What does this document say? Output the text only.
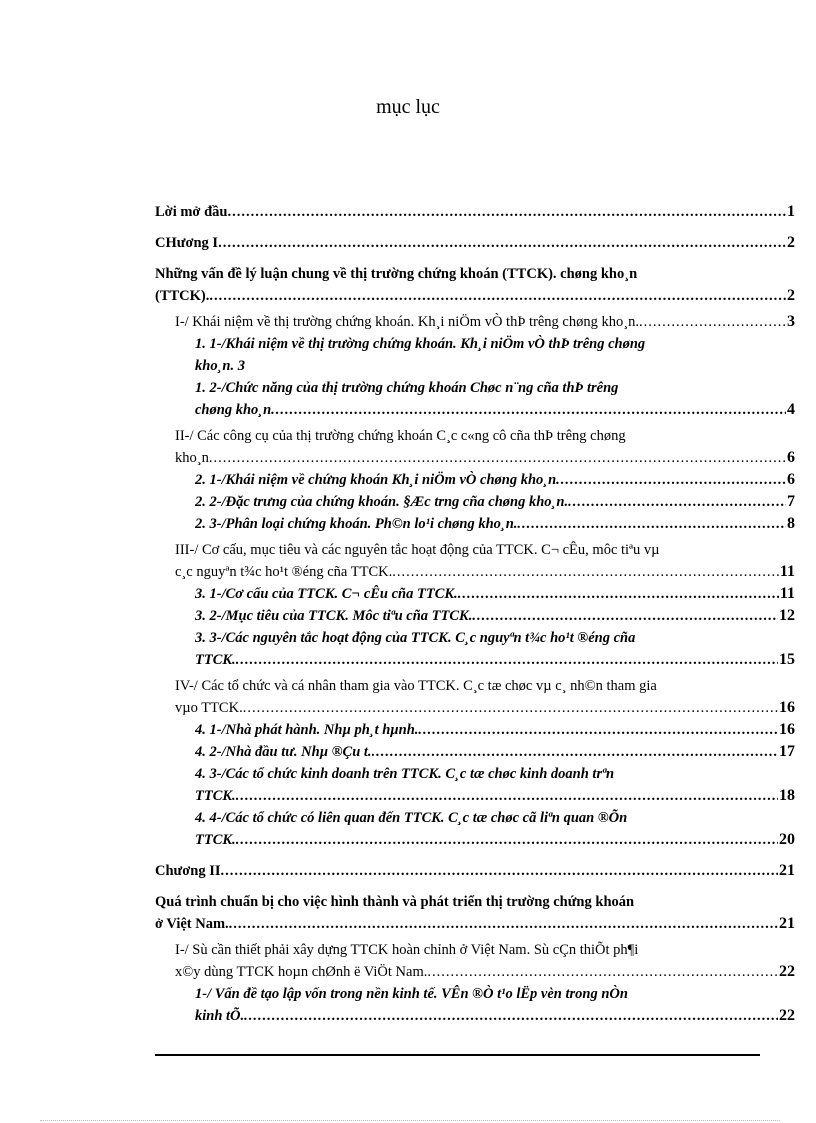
mục lục
Lời mở đầu .....	1
CHương I .....	2
Những vấn đề lý luận chung về thị trường chứng khoán (TTCK). chøng kho¸n
(TTCK). .....	2
I-/ Khái niệm về thị trường chứng khoán. Kh¸i niÖm vÒ thÞ trêng chøng kho¸n. .....	3
1. 1-/Khái niệm về thị trường chứng khoán. Kh¸i niÖm vÒ thÞ trêng chøng
kho¸n. 3
1. 2-/Chức năng của thị trường chứng khoán Chøc n¨ng cña thÞ trêng
chøng kho¸n .....	4
II-/ Các công cụ của thị trường chứng khoán C¸c c«ng cô cña thÞ trêng chøng
kho¸n .....	6
2. 1-/Khái niệm về chứng khoán Kh¸i niÖm vÒ chøng kho¸n .....	6
2. 2-/Đặc trưng của chứng khoán. §Æc trng cña chøng kho¸n. .....	7
2. 3-/Phân loại chứng khoán. Ph©n lo¹i chøng kho¸n. .....	8
III-/ Cơ cấu, mục tiêu và các nguyên tắc hoạt động của TTCK. C¬ cÊu, môc tiªu vµ
c¸c nguyªn t¾c ho¹t ®éng cña TTCK. .....	11
3. 1-/Cơ cấu của TTCK. C¬ cÊu cña TTCK. .....	11
3. 2-/Mục tiêu của TTCK. Môc tiªu cña TTCK. .....	12
3. 3-/Các nguyên tắc hoạt động của TTCK. C¸c nguyªn t¾c ho¹t ®éng cña
TTCK. .....	15
IV-/ Các tổ chức và cá nhân tham gia vào TTCK. C¸c tæ chøc vµ c¸ nh©n tham gia
vµo TTCK. .....	16
4. 1-/Nhà phát hành. Nhµ ph¸t hµnh. .....	16
4. 2-/Nhà đầu tư. Nhµ ®Çu t. .....	17
4. 3-/Các tổ chức kinh doanh trên TTCK. C¸c tæ chøc kinh doanh trªn
TTCK. .....	18
4. 4-/Các tổ chức có liên quan đến TTCK. C¸c tæ chøc cã liªn quan ®Õn
TTCK. .....	20
Chương II .....	21
Quá trình chuẩn bị cho việc hình thành và phát triển thị trường chứng khoán
ở Việt Nam. .....	21
I-/ Sù cần thiết phải xây dựng TTCK hoàn chỉnh ở Việt Nam. Sù cÇn thiÕt ph¶i
x©y dùng TTCK hoµn chØnh ë ViÖt Nam. .....	22
1-/ Vấn đề tạo lập vốn trong nền kinh tế. VÊn ®Ò t¹o lËp vèn trong nÒn
kinh tÕ. .....	22
